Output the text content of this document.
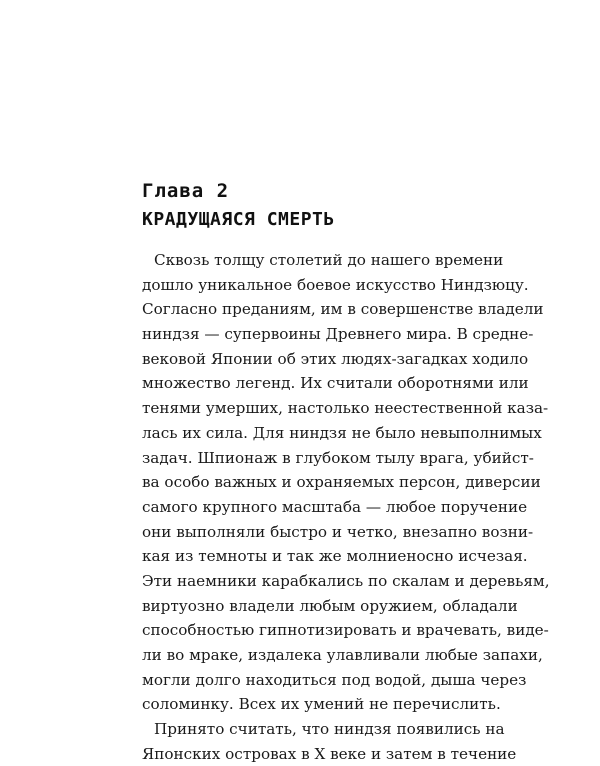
Глава 2
КРАДУЩАЯСЯ СМЕРТЬ
Сквозь толщу столетий до нашего времени
дошло уникальное боевое искусство Ниндзюцу.
Согласно преданиям, им в совершенстве владели
ниндзя — супервоины Древнего мира. В средне-
вековой Японии об этих людях-загадках ходило
множество легенд. Их считали оборотнями или
тенями умерших, настолько неестественной каза-
лась их сила. Для ниндзя не было невыполнимых
задач. Шпионаж в глубоком тылу врага, убийст-
ва особо важных и охраняемых персон, диверсии
самого крупного масштаба — любое поручение
они выполняли быстро и четко, внезапно возни-
кая из темноты и так же молниеносно исчезая.
Эти наемники карабкались по скалам и деревьям,
виртуозно владели любым оружием, обладали
способностью гипнотизировать и врачевать, виде-
ли во мраке, издалека улавливали любые запахи,
могли долго находиться под водой, дыша через
соломинку. Всех их умений не перечислить.
Принято считать, что ниндзя появились на
Японских островах в X веке и затем в течение
